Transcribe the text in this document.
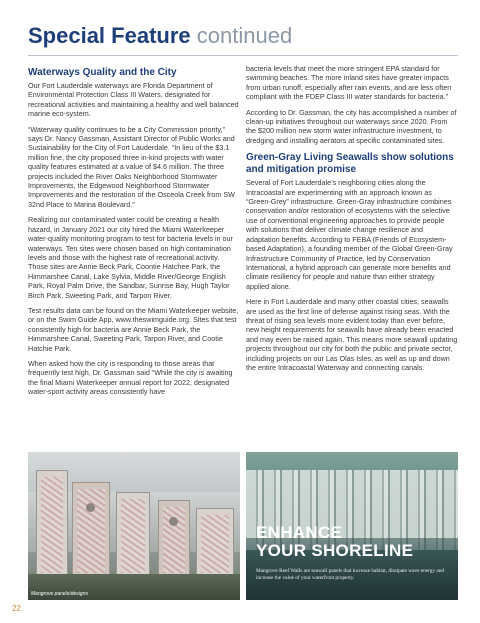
Special Feature continued
Waterways Quality and the City

Our Fort Lauderdale waterways are Florida Department of Environmental Protection Class III Waters, designated for recreational activities and maintaining a healthy and well balanced marine eco-system.

“Waterway quality continues to be a City Commission priority,” says Dr. Nancy Gassman, Assistant Director of Public Works and Sustainability for the City of Fort Lauderdale. “In lieu of the $3.1 million fine, the city proposed three in-kind projects with water quality features estimated at a value of $4.6 million. The three projects included the River Oaks Neighborhood Stormwater Improvements, the Edgewood Neighborhood Stormwater Improvements and the restoration of the Osceola Creek from SW 32nd Place to Marina Boulevard.”

Realizing our contaminated water could be creating a health hazard, in January 2021 our city hired the Miami Waterkeeper water-quality monitoring program to test for bacteria levels in our waterways. Ten sites were chosen based on high contamination levels and those with the highest rate of recreational activity. Those sites are Annie Beck Park, Coontie Hatchee Park, the Himmarshee Canal, Lake Sylvia, Middle River/George English Park, Royal Palm Drive, the Sandbar, Sunrise Bay, Hugh Taylor Birch Park, Sweeting Park, and Tarpon River.

Test results data can be found on the Miami Waterkeeper website, or on the Swim Guide App, www.theswimguide.org. Sites that test consistently high for bacteria are Annie Beck Park, the Himmarshee Canal, Sweeting Park, Tarpon River, and Cootie Hatchie Park.

When asked how the city is responding to those areas that frequently test high, Dr. Gassman said “While the city is awaiting the final Miami Waterkeeper annual report for 2022, designated water-sport activity areas consistently have

bacteria levels that meet the more stringent EPA standard for swimming beaches. The more inland sites have greater impacts from urban runoff, especially after rain events, and are less often compliant with the FDEP Class III water standards for bacteria.”

According to Dr. Gassman, the city has accomplished a number of clean-up initiatives throughout our waterways since 2020. From the $200 million new storm water infrastructure investment, to dredging and installing aerators at specific contaminated sites.

Green-Gray Living Seawalls show solutions and mitigation promise

Several of Fort Lauderdale’s neighboring cities along the Intracoastal are experimenting with an approach known as “Green-Grey” infrastructure. Green-Gray infrastructure combines conservation and/or restoration of ecosystems with the selective use of conventional engineering approaches to provide people with solutions that deliver climate change resilience and adaptation benefits. According to FEBA (Friends of Ecosystem-based Adaptation), a founding member of the Global Green-Gray Infrastructure Community of Practice, led by Conservation International, a hybrid approach can generate more benefits and climate resiliency for people and nature than either strategy applied alone.

Here in Fort Lauderdale and many other coastal cities, seawalls are used as the first line of defense against rising seas. With the threat of rising sea levels more evident today than ever before, new height requirements for seawalls have already been enacted and may even be raised again. This means more seawall updating projects throughout our city for both the public and private sector, including projects on our Las Olas Isles, as well as up and down the entire Intracoastal Waterway and connecting canals.

Mangrove panels/designs
ENHANCE
YOUR SHORELINE
Mangrove Reef Walls are seawall panels that increase habitat, dissipate wave energy and increase the value of your waterfront property.
22
